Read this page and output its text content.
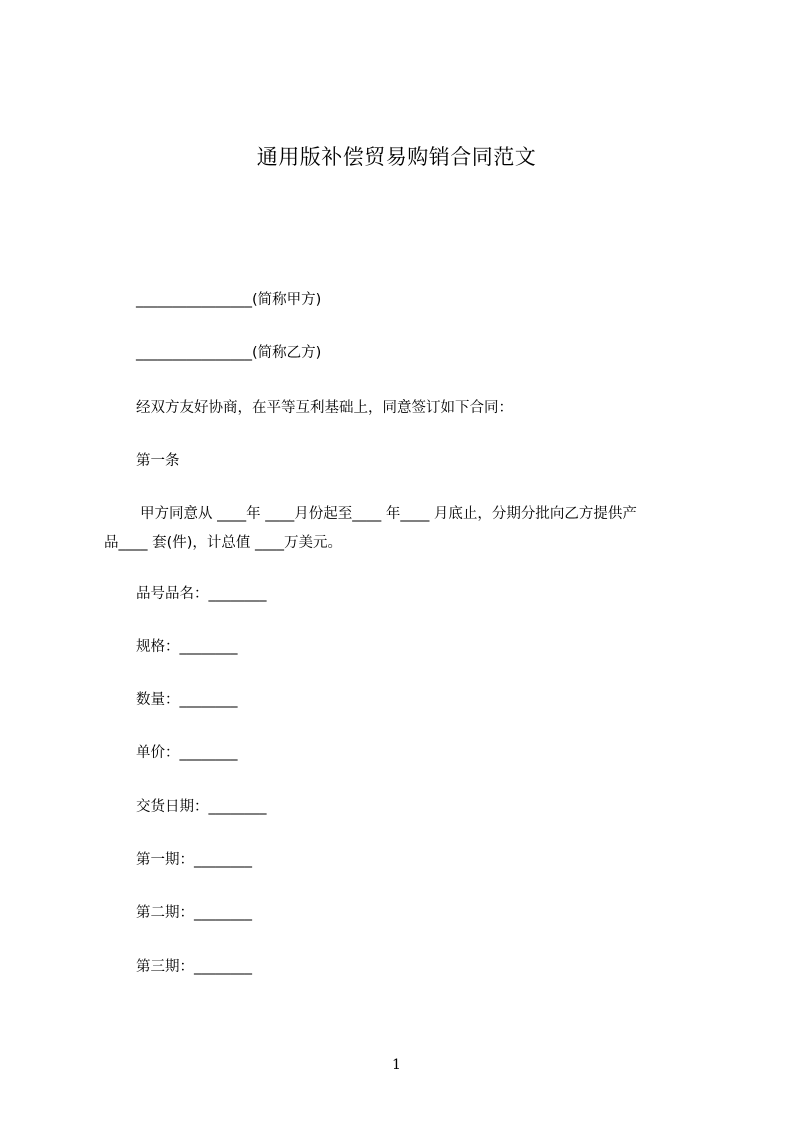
通用版补偿贸易购销合同范文
________________(简称甲方)
________________(简称乙方)
经双方友好协商，在平等互利基础上，同意签订如下合同：
第一条
甲方同意从 ____年 ____月份起至____ 年____ 月底止，分期分批向乙方提供产
品____ 套(件)，计总值 ____万美元。
品号品名：________
规格：________
数量：________
单价：________
交货日期：________
第一期：________
第二期：________
第三期：________
1
